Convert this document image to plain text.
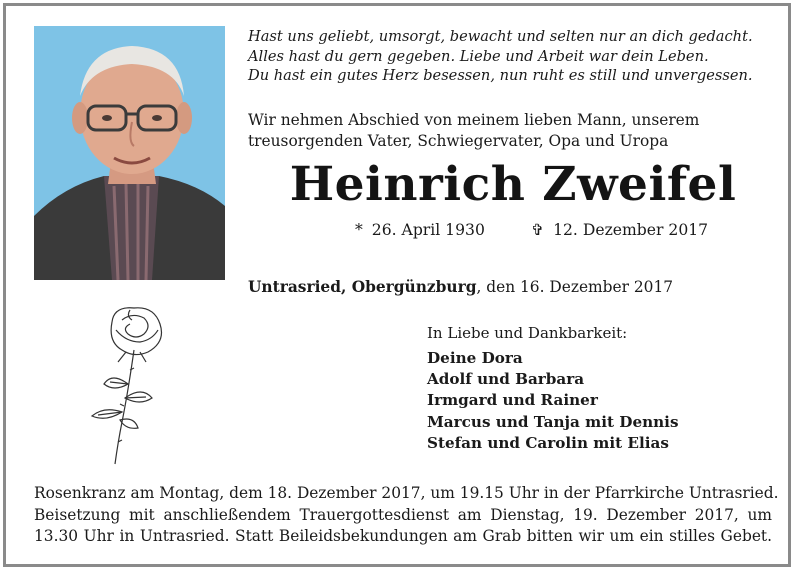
Hast uns geliebt, umsorgt, bewacht und selten nur an dich gedacht.
Alles hast du gern gegeben. Liebe und Arbeit war dein Leben.
Du hast ein gutes Herz besessen, nun ruht es still und unvergessen.
Wir nehmen Abschied von meinem lieben Mann, unserem
treusorgenden Vater, Schwiegervater, Opa und Uropa
Heinrich Zweifel
* 26. April 1930	✞ 12. Dezember 2017
Untrasried, Obergünzburg, den 16. Dezember 2017
In Liebe und Dankbarkeit:
Deine Dora
Adolf und Barbara
Irmgard und Rainer
Marcus und Tanja mit Dennis
Stefan und Carolin mit Elias
Rosenkranz am Montag, dem 18. Dezember 2017, um 19.15 Uhr in der Pfarrkirche Untrasried.
Beisetzung mit anschließendem Trauergottesdienst am Dienstag, 19. Dezember 2017, um
13.30 Uhr in Untrasried. Statt Beileidsbekundungen am Grab bitten wir um ein stilles Gebet.
